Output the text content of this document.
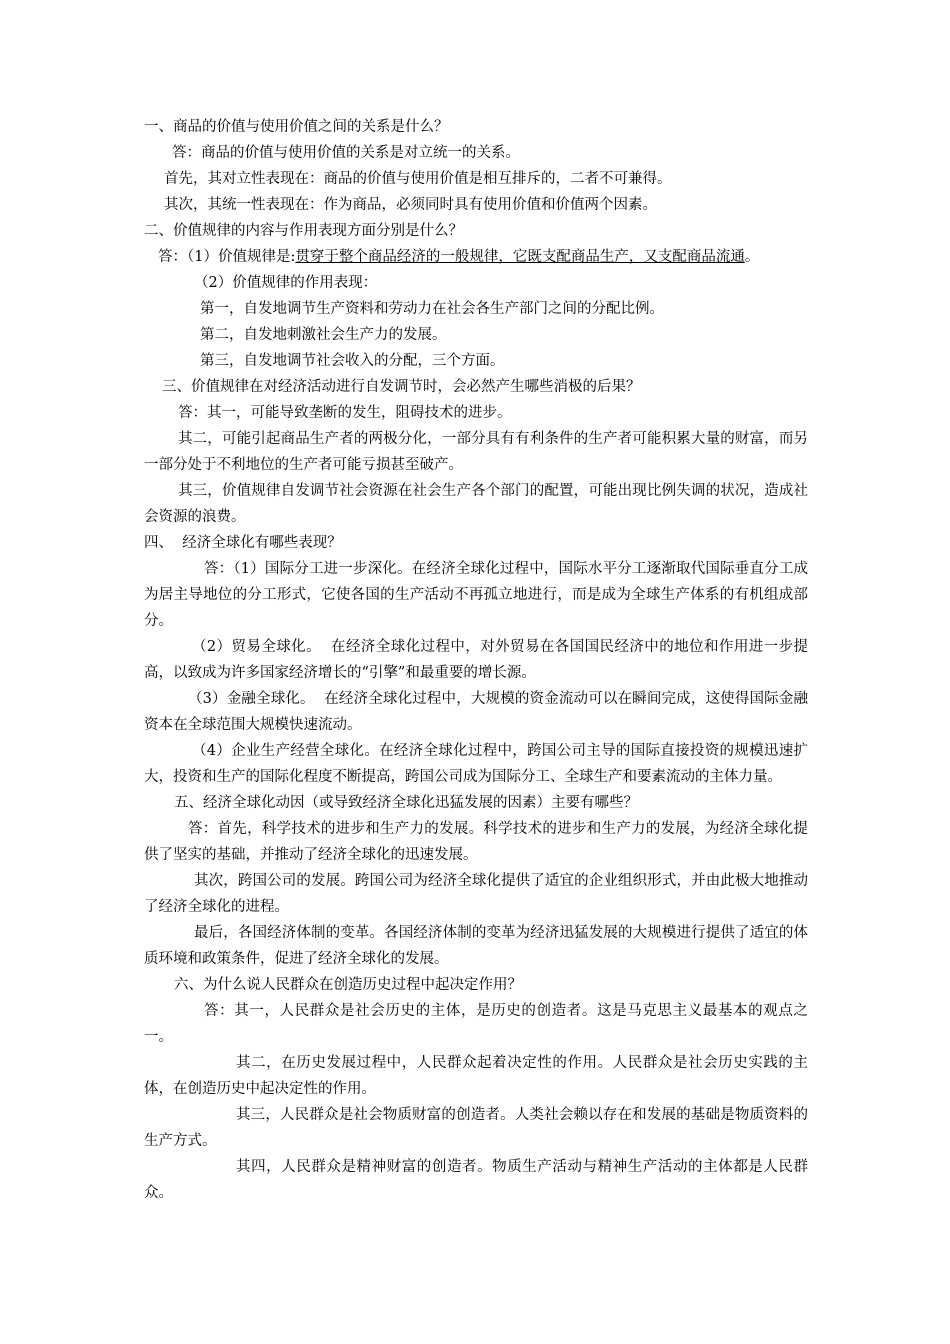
一、商品的价值与使用价值之间的关系是什么？

答：商品的价值与使用价值的关系是对立统一的关系。

首先，其对立性表现在：商品的价值与使用价值是相互排斥的，二者不可兼得。

其次，其统一性表现在：作为商品，必须同时具有使用价值和价值两个因素。

二、价值规律的内容与作用表现方面分别是什么？

答：（1）价值规律是:贯穿于整个商品经济的一般规律，它既支配商品生产，又支配商品流通。

（2）价值规律的作用表现：

第一，自发地调节生产资料和劳动力在社会各生产部门之间的分配比例。

第二，自发地刺激社会生产力的发展。

第三，自发地调节社会收入的分配，三个方面。

三、价值规律在对经济活动进行自发调节时，会必然产生哪些消极的后果？

答：其一，可能导致垄断的发生，阻碍技术的进步。

其二，可能引起商品生产者的两极分化，一部分具有有利条件的生产者可能积累大量的财富，而另一部分处于不利地位的生产者可能亏损甚至破产。

其三，价值规律自发调节社会资源在社会生产各个部门的配置，可能出现比例失调的状况，造成社会资源的浪费。

四、  经济全球化有哪些表现？

答：（1）国际分工进一步深化。在经济全球化过程中，国际水平分工逐渐取代国际垂直分工成为居主导地位的分工形式，它使各国的生产活动不再孤立地进行，而是成为全球生产体系的有机组成部分。

（2）贸易全球化。  在经济全球化过程中，对外贸易在各国国民经济中的地位和作用进一步提高，以致成为许多国家经济增长的“引擎”和最重要的增长源。

（3）金融全球化。  在经济全球化过程中，大规模的资金流动可以在瞬间完成，这使得国际金融资本在全球范围大规模快速流动。

（4）企业生产经营全球化。在经济全球化过程中，跨国公司主导的国际直接投资的规模迅速扩大，投资和生产的国际化程度不断提高，跨国公司成为国际分工、全球生产和要素流动的主体力量。

五、经济全球化动因（或导致经济全球化迅猛发展的因素）主要有哪些？

答：首先，科学技术的进步和生产力的发展。科学技术的进步和生产力的发展，为经济全球化提供了坚实的基础，并推动了经济全球化的迅速发展。

其次，跨国公司的发展。跨国公司为经济全球化提供了适宜的企业组织形式，并由此极大地推动了经济全球化的进程。

最后，各国经济体制的变革。各国经济体制的变革为经济迅猛发展的大规模进行提供了适宜的体质环境和政策条件，促进了经济全球化的发展。

六、为什么说人民群众在创造历史过程中起决定作用？

答：其一，人民群众是社会历史的主体，是历史的创造者。这是马克思主义最基本的观点之一。

其二，在历史发展过程中，人民群众起着决定性的作用。人民群众是社会历史实践的主体，在创造历史中起决定性的作用。

其三，人民群众是社会物质财富的创造者。人类社会赖以存在和发展的基础是物质资料的生产方式。

其四，人民群众是精神财富的创造者。物质生产活动与精神生产活动的主体都是人民群众。
